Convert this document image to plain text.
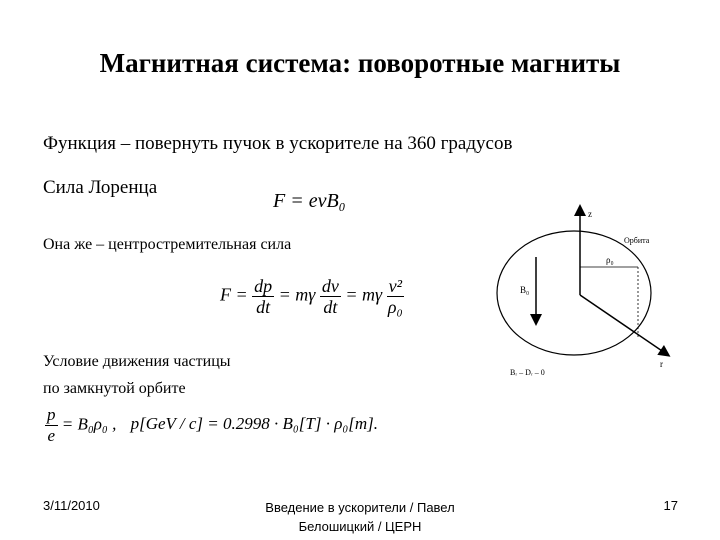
Магнитная система: поворотные магниты
Функция – повернуть пучок в ускорителе на 360 градусов
Сила Лоренца
F = evB₀
Она же – центростремительная сила
$F = \frac{dp}{dt} = m\gamma \frac{dv}{dt} = m\gamma \frac{\text{v²}}{\text{ρ₀}}$
Условие движения частицы
по замкнутой орбите
$\frac{p}{e} = B_0\rho_0$ , p[GeV / c] = 0.2998 · B₀[T] · ρ₀[m].
z
Орбита
ρ₀
B₀
r
Bᵣ – Dᵣ – 0
3/11/2010	Введение в ускорители / Павел
Белошицкий / ЦЕРН
17
